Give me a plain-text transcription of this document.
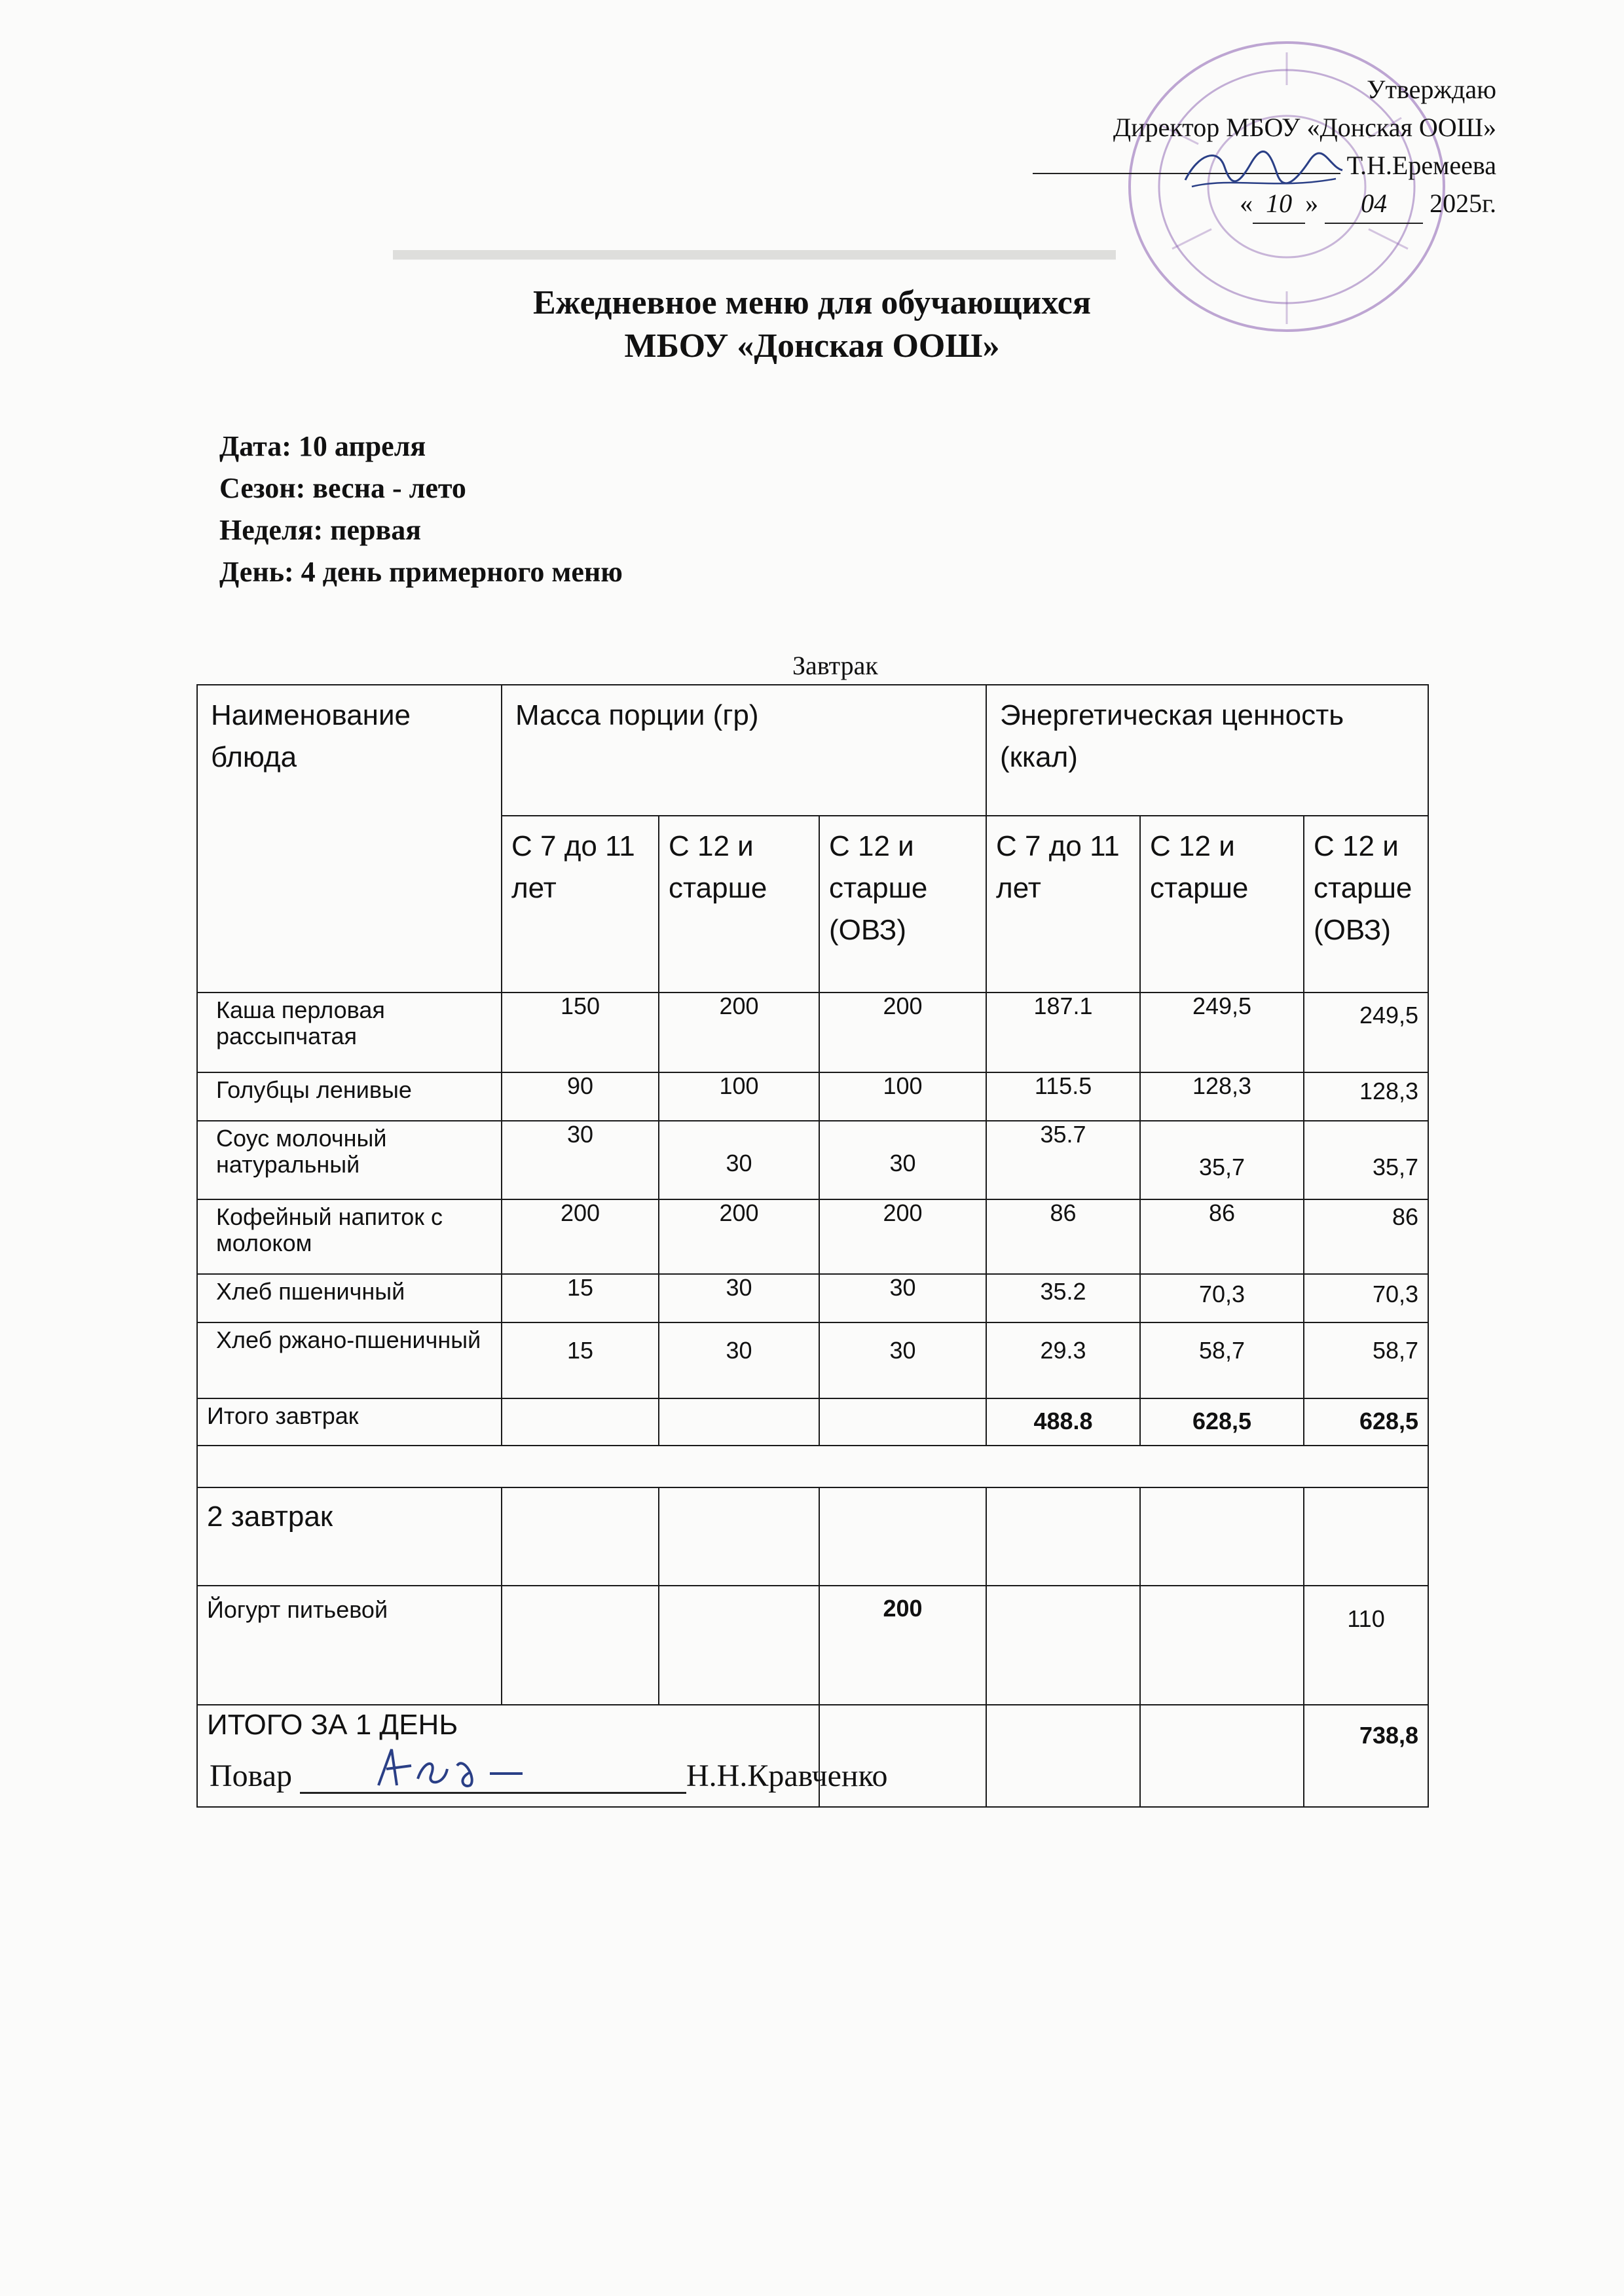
▬▬▬▬▬▬▬▬▬▬▬▬▬▬▬▬▬▬▬▬▬▬▬
Утверждаю
Директор МБОУ «Донская ООШ»
Т.Н.Еремеева
« 10 » 04 2025г.
Ежедневное меню для обучающихся
МБОУ «Донская ООШ»
Дата: 10 апреля
Сезон: весна - лето
Неделя: первая
День: 4 день примерного меню
Завтрак
Наименование блюда	Масса порции (гр)			Энергетическая ценность (ккал)		
	С 7 до 11 лет	С 12 и старше	С 12 и старше (ОВЗ)	С 7 до 11 лет	С 12 и старше	С 12 и старше (ОВЗ)
Каша перловая рассыпчатая	150	200	200	187.1	249,5	249,5

Голубцы ленивые	90	100	100	115.5	128,3	128,3

Соус молочный натуральный	30	30	30	35.7	35,7	35,7

Кофейный напиток с молоком	200	200	200	86	86	86

Хлеб пшеничный	15	30	30	35.2	70,3	70,3

Хлеб ржано-пшеничный	15	30	30	29.3	58,7	58,7

Итого завтрак				488.8	628,5	628,5

2 завтрак						
Йогурт питьевой			200			110

ИТОГО ЗА 1 ДЕНЬ						738,8
Повар	Н.Н.Кравченко
